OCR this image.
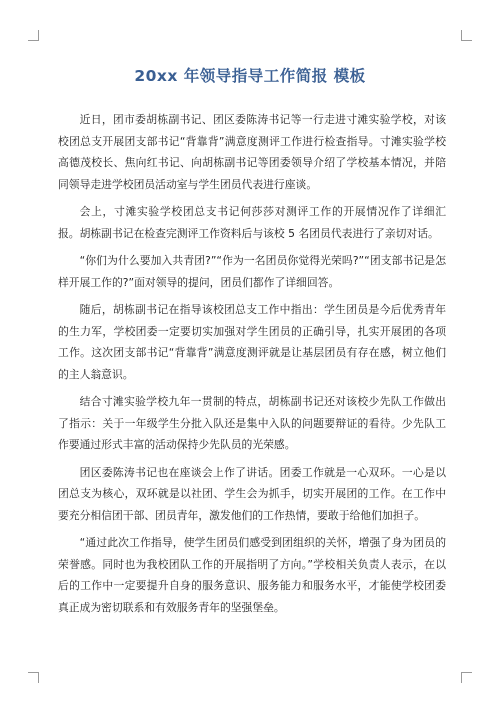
20xx 年领导指导工作简报 模板

近日，团市委胡栋副书记、团区委陈涛书记等一行走进寸滩实验学校，对该校团总支开展团支部书记“背靠背”满意度测评工作进行检查指导。寸滩实验学校高德茂校长、焦向红书记、向胡栋副书记等团委领导介绍了学校基本情况，并陪同领导走进学校团员活动室与学生团员代表进行座谈。

会上，寸滩实验学校团总支书记何莎莎对测评工作的开展情况作了详细汇报。胡栋副书记在检查完测评工作资料后与该校 5 名团员代表进行了亲切对话。

“你们为什么要加入共青团?”“作为一名团员你觉得光荣吗?”“团支部书记是怎样开展工作的?”面对领导的提问，团员们都作了详细回答。

随后，胡栋副书记在指导该校团总支工作中指出：学生团员是今后优秀青年的生力军，学校团委一定要切实加强对学生团员的正确引导，扎实开展团的各项工作。这次团支部书记“背靠背”满意度测评就是让基层团员有存在感，树立他们的主人翁意识。

结合寸滩实验学校九年一贯制的特点，胡栋副书记还对该校少先队工作做出了指示：关于一年级学生分批入队还是集中入队的问题要辩证的看待。少先队工作要通过形式丰富的活动保持少先队员的光荣感。

团区委陈涛书记也在座谈会上作了讲话。团委工作就是一心双环。一心是以团总支为核心，双环就是以社团、学生会为抓手，切实开展团的工作。在工作中要充分相信团干部、团员青年，激发他们的工作热情，要敢于给他们加担子。

“通过此次工作指导，使学生团员们感受到团组织的关怀，增强了身为团员的荣誉感。同时也为我校团队工作的开展指明了方向。”学校相关负责人表示，在以后的工作中一定要提升自身的服务意识、服务能力和服务水平，才能使学校团委真正成为密切联系和有效服务青年的坚强堡垒。
